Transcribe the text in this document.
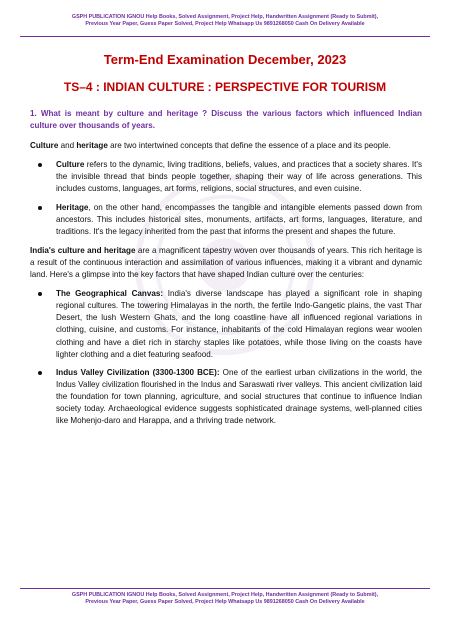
GSPH PUBLICATION IGNOU Help Books, Solved Assignment, Project Help, Handwritten Assignment (Ready to Submit),
Previous Year Paper, Guess Paper Solved, Project Help Whatsapp Us 9891268050 Cash On Delivery Available
Term-End Examination December, 2023
TS–4 : INDIAN CULTURE : PERSPECTIVE FOR TOURISM

1. What is meant by culture and heritage ? Discuss the various factors which influenced Indian culture over thousands of years.

Culture and heritage are two intertwined concepts that define the essence of a place and its people.

Culture refers to the dynamic, living traditions, beliefs, values, and practices that a society shares. It's the invisible thread that binds people together, shaping their way of life across generations. This includes customs, languages, art forms, religions, social structures, and even cuisine.
Heritage, on the other hand, encompasses the tangible and intangible elements passed down from ancestors. This includes historical sites, monuments, artifacts, art forms, languages, literature, and traditions. It's the legacy inherited from the past that informs the present and shapes the future.

India's culture and heritage are a magnificent tapestry woven over thousands of years. This rich heritage is a result of the continuous interaction and assimilation of various influences, making it a vibrant and dynamic land. Here's a glimpse into the key factors that have shaped Indian culture over the centuries:

The Geographical Canvas: India's diverse landscape has played a significant role in shaping regional cultures. The towering Himalayas in the north, the fertile Indo-Gangetic plains, the vast Thar Desert, the lush Western Ghats, and the long coastline have all influenced regional variations in clothing, cuisine, and customs. For instance, inhabitants of the cold Himalayan regions wear woolen clothing and have a diet rich in starchy staples like potatoes, while those living on the coasts have lighter clothing and a diet featuring seafood.
Indus Valley Civilization (3300-1300 BCE): One of the earliest urban civilizations in the world, the Indus Valley civilization flourished in the Indus and Saraswati river valleys. This ancient civilization laid the foundation for town planning, agriculture, and social structures that continue to influence Indian society today. Archaeological evidence suggests sophisticated drainage systems, well-planned cities like Mohenjo-daro and Harappa, and a thriving trade network.
GSPH PUBLICATION IGNOU Help Books, Solved Assignment, Project Help, Handwritten Assignment (Ready to Submit),
Previous Year Paper, Guess Paper Solved, Project Help Whatsapp Us 9891268050 Cash On Delivery Available
